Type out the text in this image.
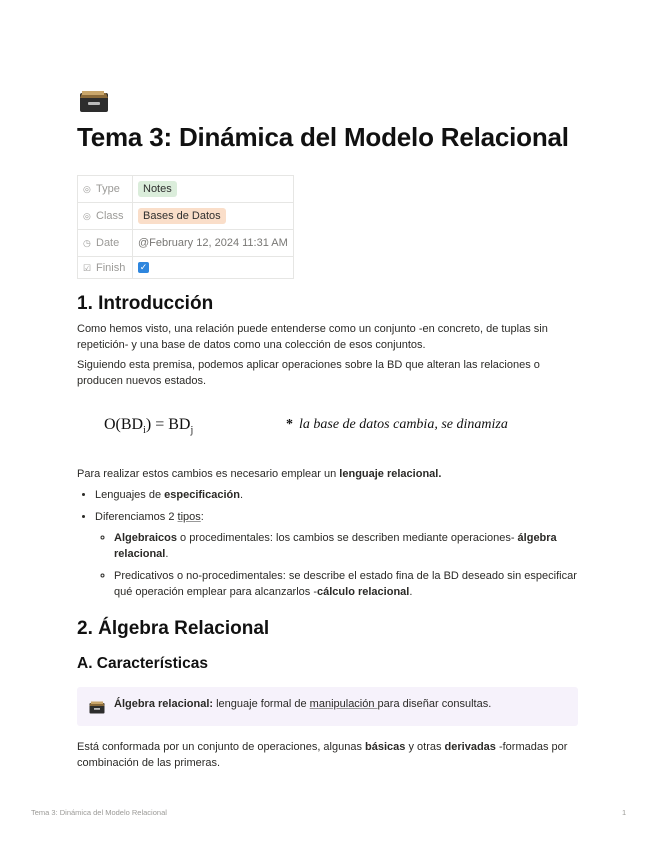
Tema 3: Dinámica del Modelo Relacional
◎ Type	Notes
◎ Class	Bases de Datos
◷ Date	@February 12, 2024 11:31 AM
☑ Finish	✓
1. Introducción

Como hemos visto, una relación puede entenderse como un conjunto -en concreto, de tuplas sin repetición- y una base de datos como una colección de esos conjuntos.

Siguiendo esta premisa, podemos aplicar operaciones sobre la BD que alteran las relaciones o producen nuevos estados.

$O(BD_i) = BD_j$	* la base de datos cambia, se dinamiza

Para realizar estos cambios es necesario emplear un lenguaje relacional.

• Lenguajes de especificación.
• Diferenciamos 2 tipos:
◦ Algebraicos o procedimentales: los cambios se describen mediante operaciones- álgebra relacional.
◦ Predicativos o no-procedimentales: se describe el estado fina de la BD deseado sin especificar qué operación emplear para alcanzarlos -cálculo relacional.
2. Álgebra Relacional
A. Características
Álgebra relacional: lenguaje formal de manipulación para diseñar consultas.

Está conformada por un conjunto de operaciones, algunas básicas y otras derivadas -formadas por combinación de las primeras.

Tema 3: Dinámica del Modelo Relacional	1
